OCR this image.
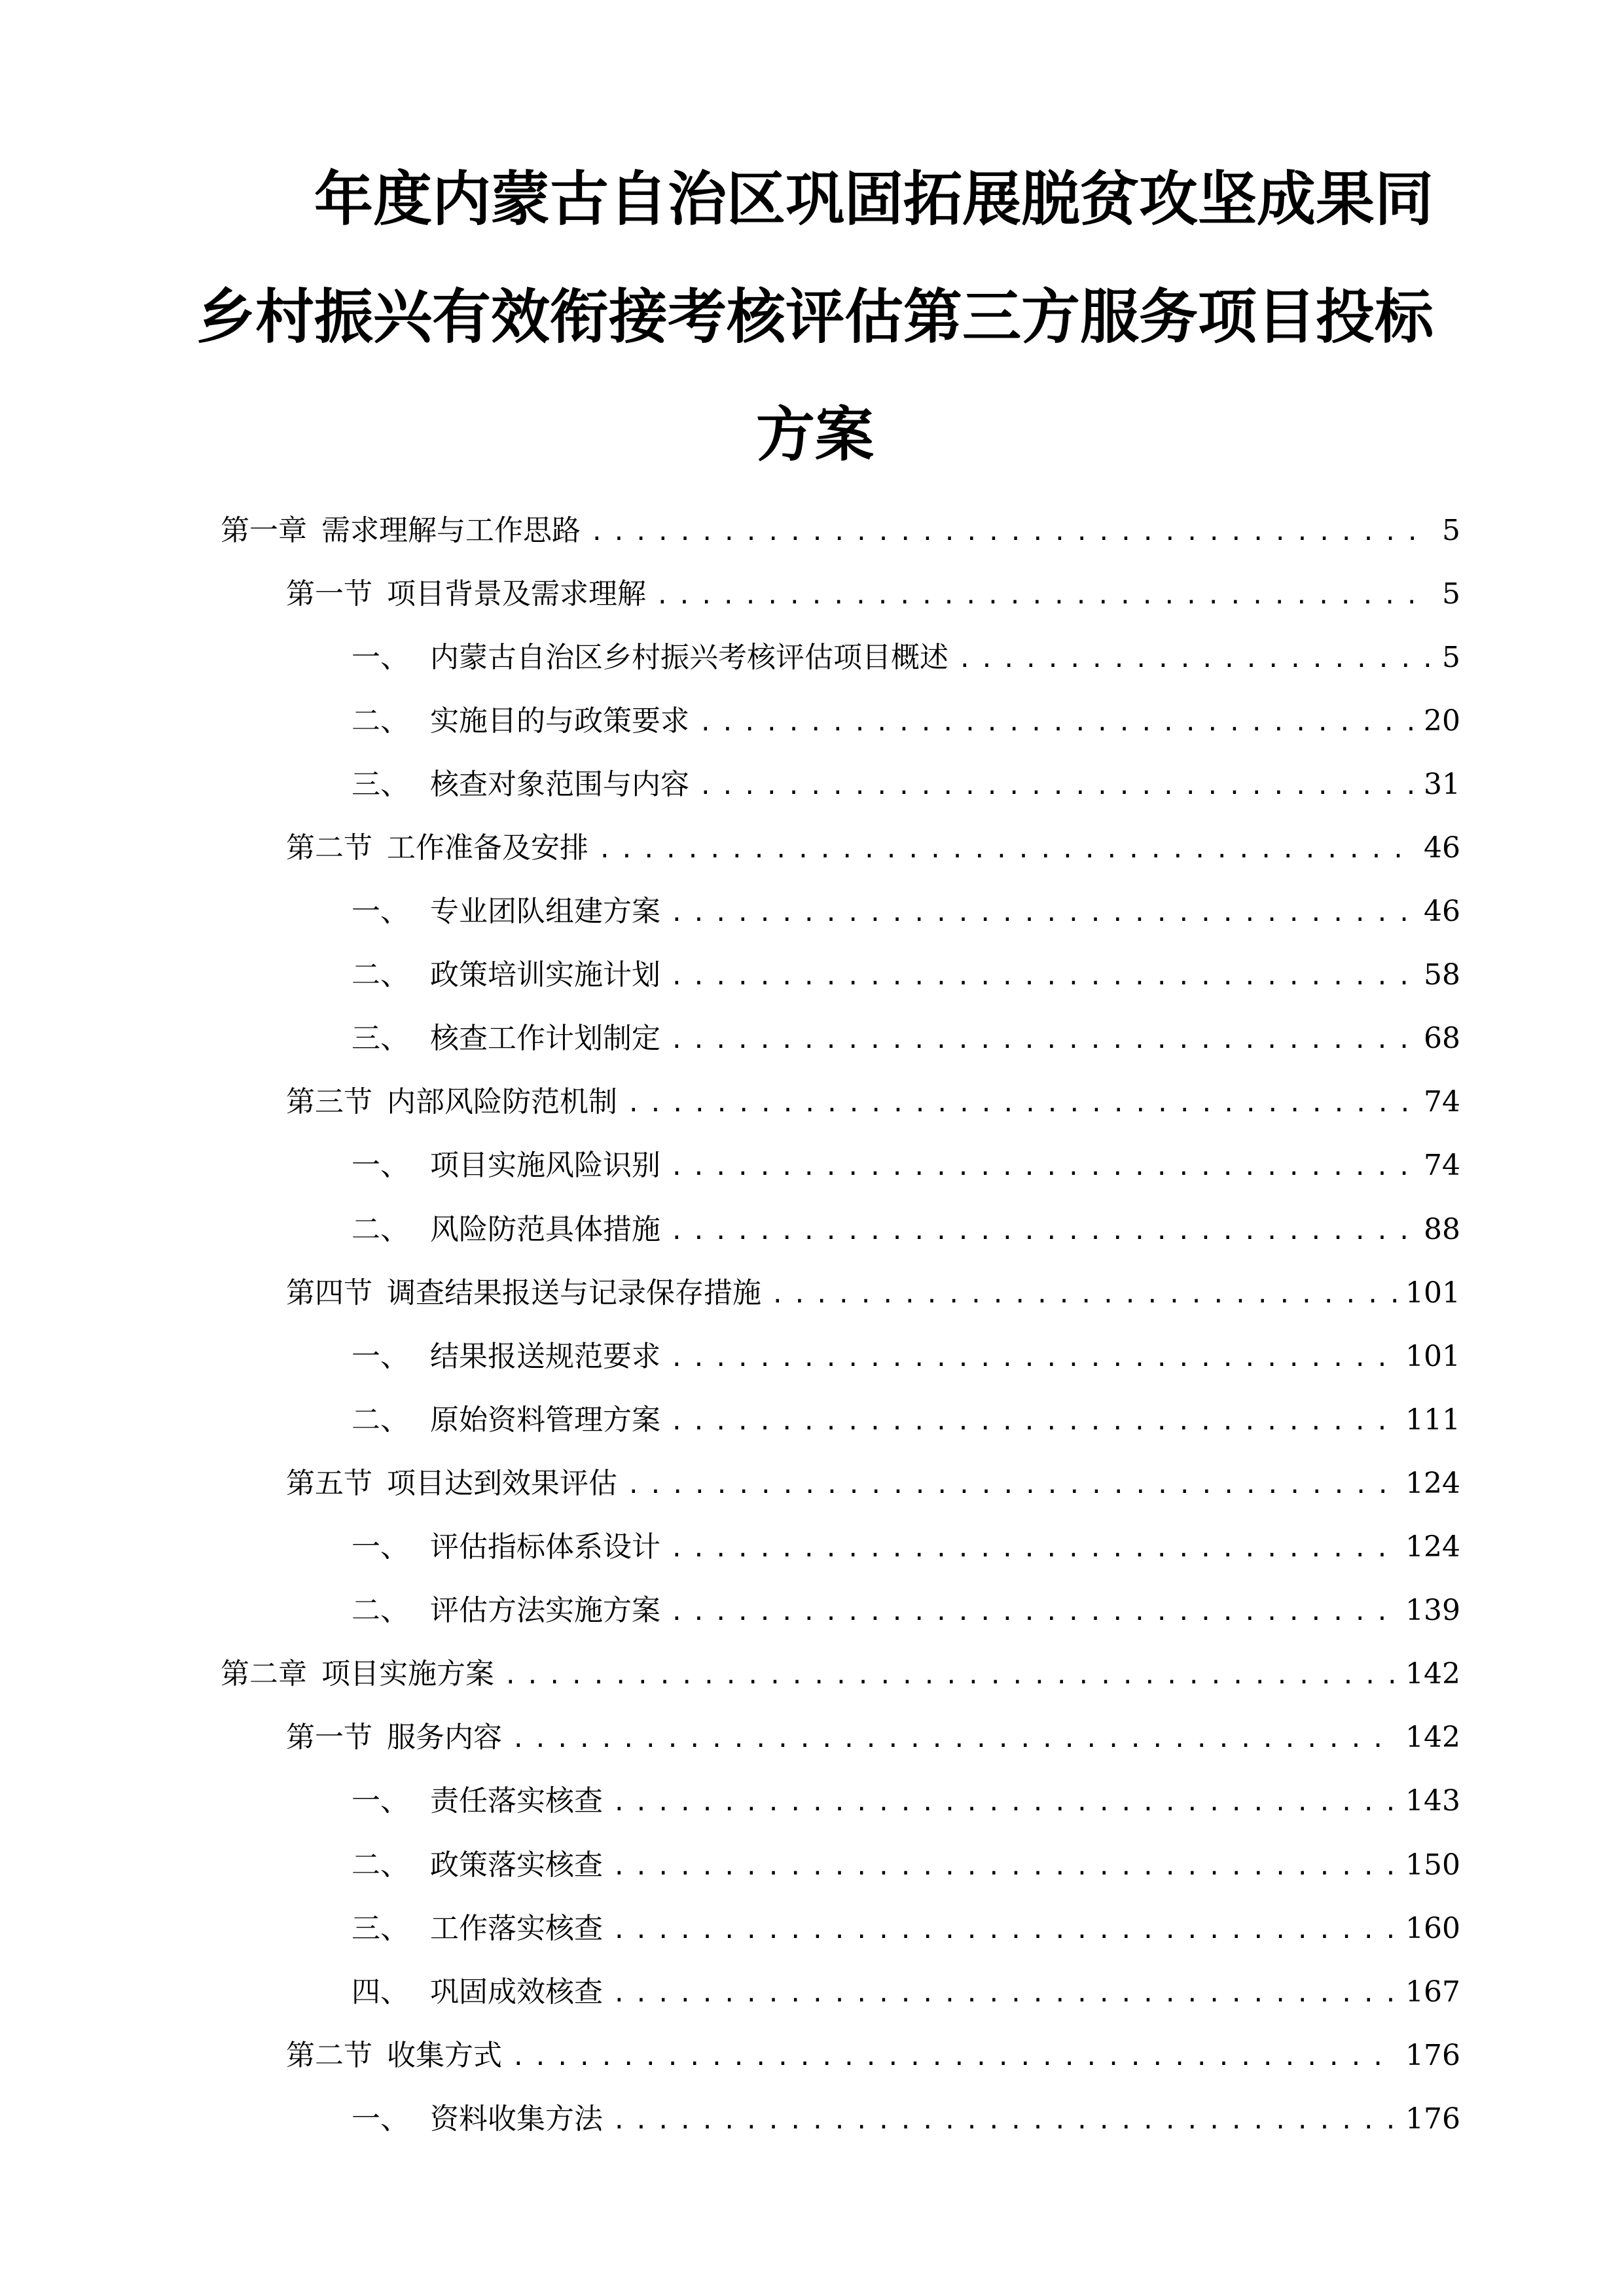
年度内蒙古自治区巩固拓展脱贫攻坚成果同
乡村振兴有效衔接考核评估第三方服务项目投标
方案
第一章 需求理解与工作思路 .....	5
第一节 项目背景及需求理解 .....	5
一、 内蒙古自治区乡村振兴考核评估项目概述 .....	5
二、 实施目的与政策要求 .....	20
三、 核查对象范围与内容 .....	31
第二节 工作准备及安排 .....	46
一、 专业团队组建方案 .....	46
二、 政策培训实施计划 .....	58
三、 核查工作计划制定 .....	68
第三节 内部风险防范机制 .....	74
一、 项目实施风险识别 .....	74
二、 风险防范具体措施 .....	88
第四节 调查结果报送与记录保存措施 .....	101
一、 结果报送规范要求 .....	101
二、 原始资料管理方案 .....	111
第五节 项目达到效果评估 .....	124
一、 评估指标体系设计 .....	124
二、 评估方法实施方案 .....	139
第二章 项目实施方案 .....	142
第一节 服务内容 .....	142
一、 责任落实核查 .....	143
二、 政策落实核查 .....	150
三、 工作落实核查 .....	160
四、 巩固成效核查 .....	167
第二节 收集方式 .....	176
一、 资料收集方法 .....	176
